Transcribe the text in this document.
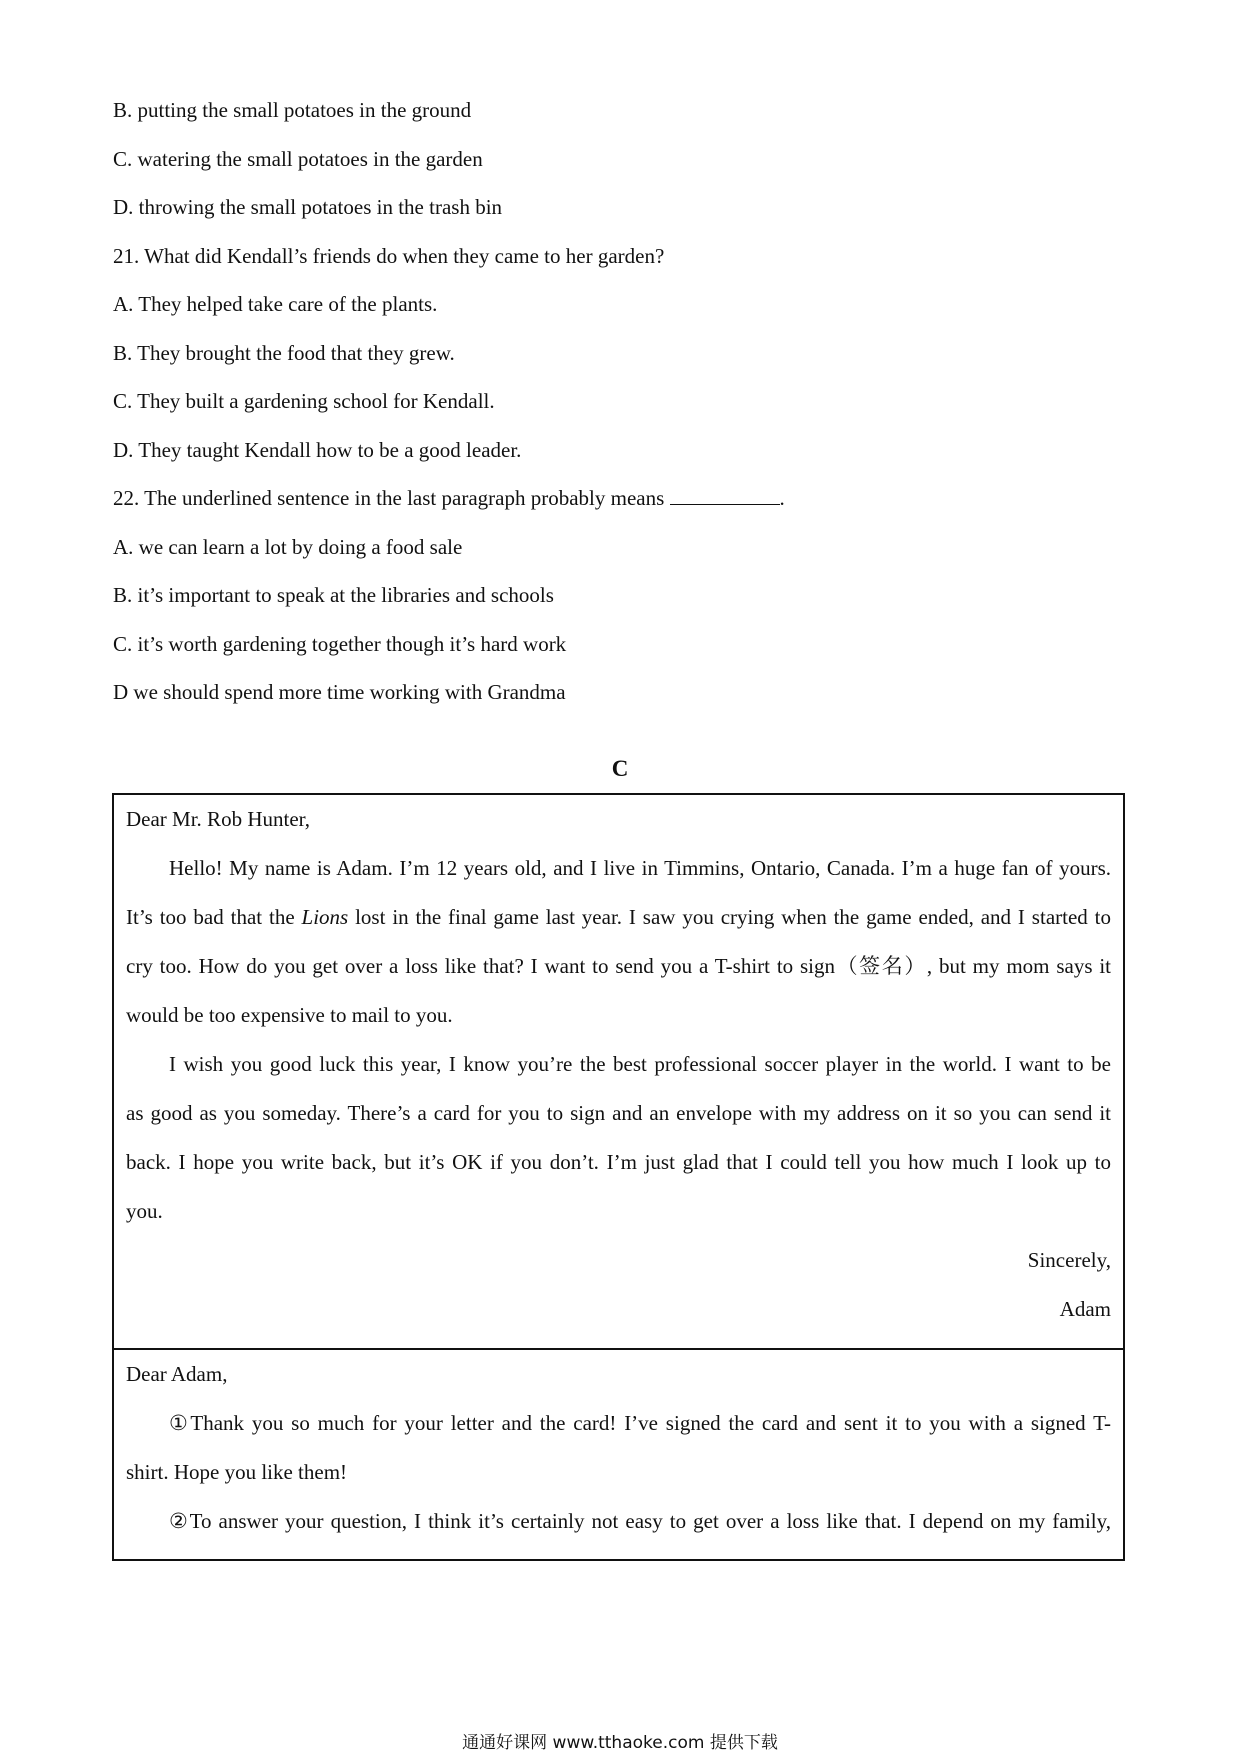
B. putting the small potatoes in the ground
C. watering the small potatoes in the garden
D. throwing the small potatoes in the trash bin
21. What did Kendall’s friends do when they came to her garden?
A. They helped take care of the plants.
B. They brought the food that they grew.
C. They built a gardening school for Kendall.
D. They taught Kendall how to be a good leader.
22. The underlined sentence in the last paragraph probably means	.
A. we can learn a lot by doing a food sale
B. it’s important to speak at the libraries and schools
C. it’s worth gardening together though it’s hard work
D we should spend more time working with Grandma
C
Dear Mr. Rob Hunter,
Hello! My name is Adam. I’m 12 years old, and I live in Timmins, Ontario, Canada. I’m a huge fan of yours.
It’s too bad that the Lions lost in the final game last year. I saw you crying when the game ended, and I started to
cry too. How do you get over a loss like that? I want to send you a T-shirt to sign（签名）, but my mom says it
would be too expensive to mail to you.
I wish you good luck this year, I know you’re the best professional soccer player in the world. I want to be
as good as you someday. There’s a card for you to sign and an envelope with my address on it so you can send it
back. I hope you write back, but it’s OK if you don’t. I’m just glad that I could tell you how much I look up to
you.
Sincerely,
Adam
Dear Adam,
①Thank you so much for your letter and the card! I’ve signed the card and sent it to you with a signed T-
shirt. Hope you like them!
②To answer your question, I think it’s certainly not easy to get over a loss like that. I depend on my family,
通通好课网 www.tthaoke.com 提供下载
